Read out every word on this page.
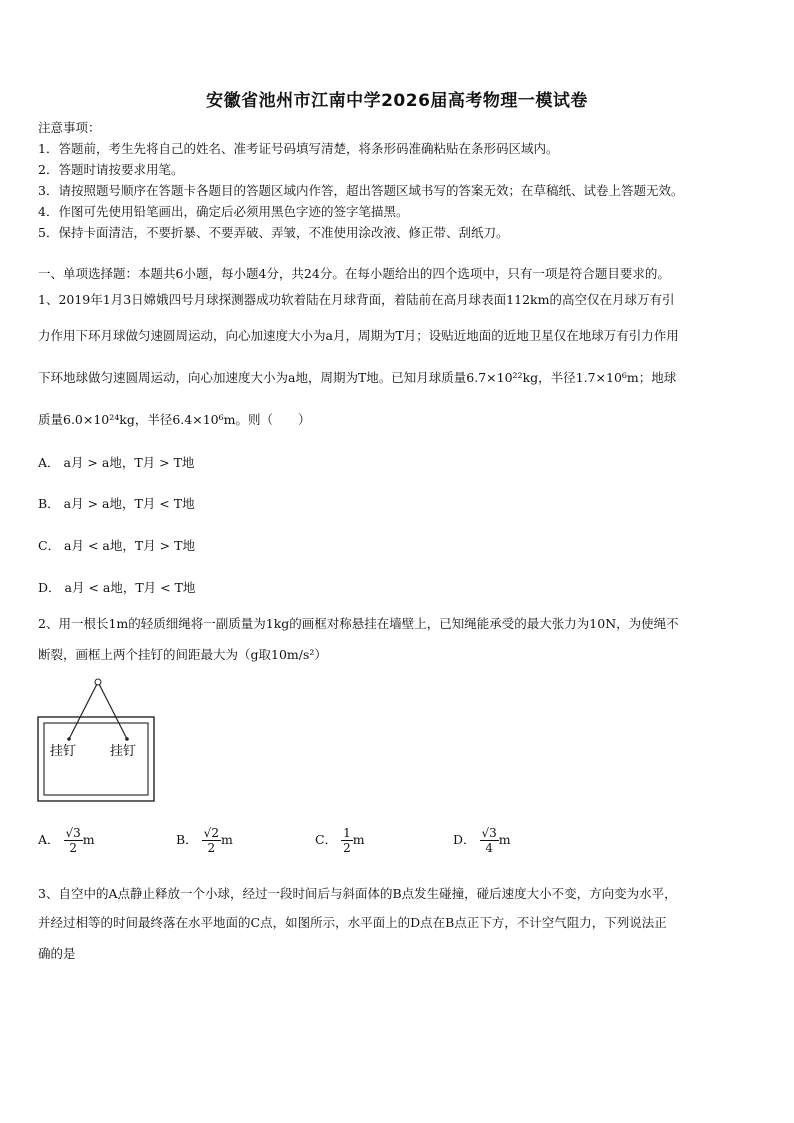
安徽省池州市江南中学2026届高考物理一模试卷
注意事项：
1．答题前，考生先将自己的姓名、准考证号码填写清楚，将条形码准确粘贴在条形码区域内。
2．答题时请按要求用笔。
3．请按照题号顺序在答题卡各题目的答题区域内作答，超出答题区域书写的答案无效；在草稿纸、试卷上答题无效。
4．作图可先使用铅笔画出，确定后必须用黑色字迹的签字笔描黑。
5．保持卡面清洁，不要折暴、不要弄破、弄皱，不准使用涂改液、修正带、刮纸刀。
一、单项选择题：本题共6小题，每小题4分，共24分。在每小题给出的四个选项中，只有一项是符合题目要求的。
1、2019年1月3日嫦娥四号月球探测器成功软着陆在月球背面，着陆前在高月球表面112km的高空仅在月球万有引
力作用下环月球做匀速圆周运动，向心加速度大小为a月，周期为T月；设贴近地面的近地卫星仅在地球万有引力作用
下环地球做匀速圆周运动，向心加速度大小为a地，周期为T地。已知月球质量6.7×10²²kg，半径1.7×10⁶m；地球
质量6.0×10²⁴kg，半径6.4×10⁶m。则（　　）
A． a月 > a地，T月 > T地
B． a月 > a地，T月 < T地
C． a月 < a地，T月 > T地
D． a月 < a地，T月 < T地
2、用一根长1m的轻质细绳将一副质量为1kg的画框对称悬挂在墙壁上，已知绳能承受的最大张力为10N，为使绳不
断裂，画框上两个挂钉的间距最大为（g取10m/s²）
挂钉	挂钉
A． $\frac{√3}{2}$ m	B． $\frac{√2}{2}$ m	C． $\frac{1}{2}$ m	D． $\frac{√3}{4}$ m
3、自空中的A点静止释放一个小球，经过一段时间后与斜面体的B点发生碰撞，碰后速度大小不变，方向变为水平，
并经过相等的时间最终落在水平地面的C点，如图所示，水平面上的D点在B点正下方，不计空气阻力，下列说法正
确的是
